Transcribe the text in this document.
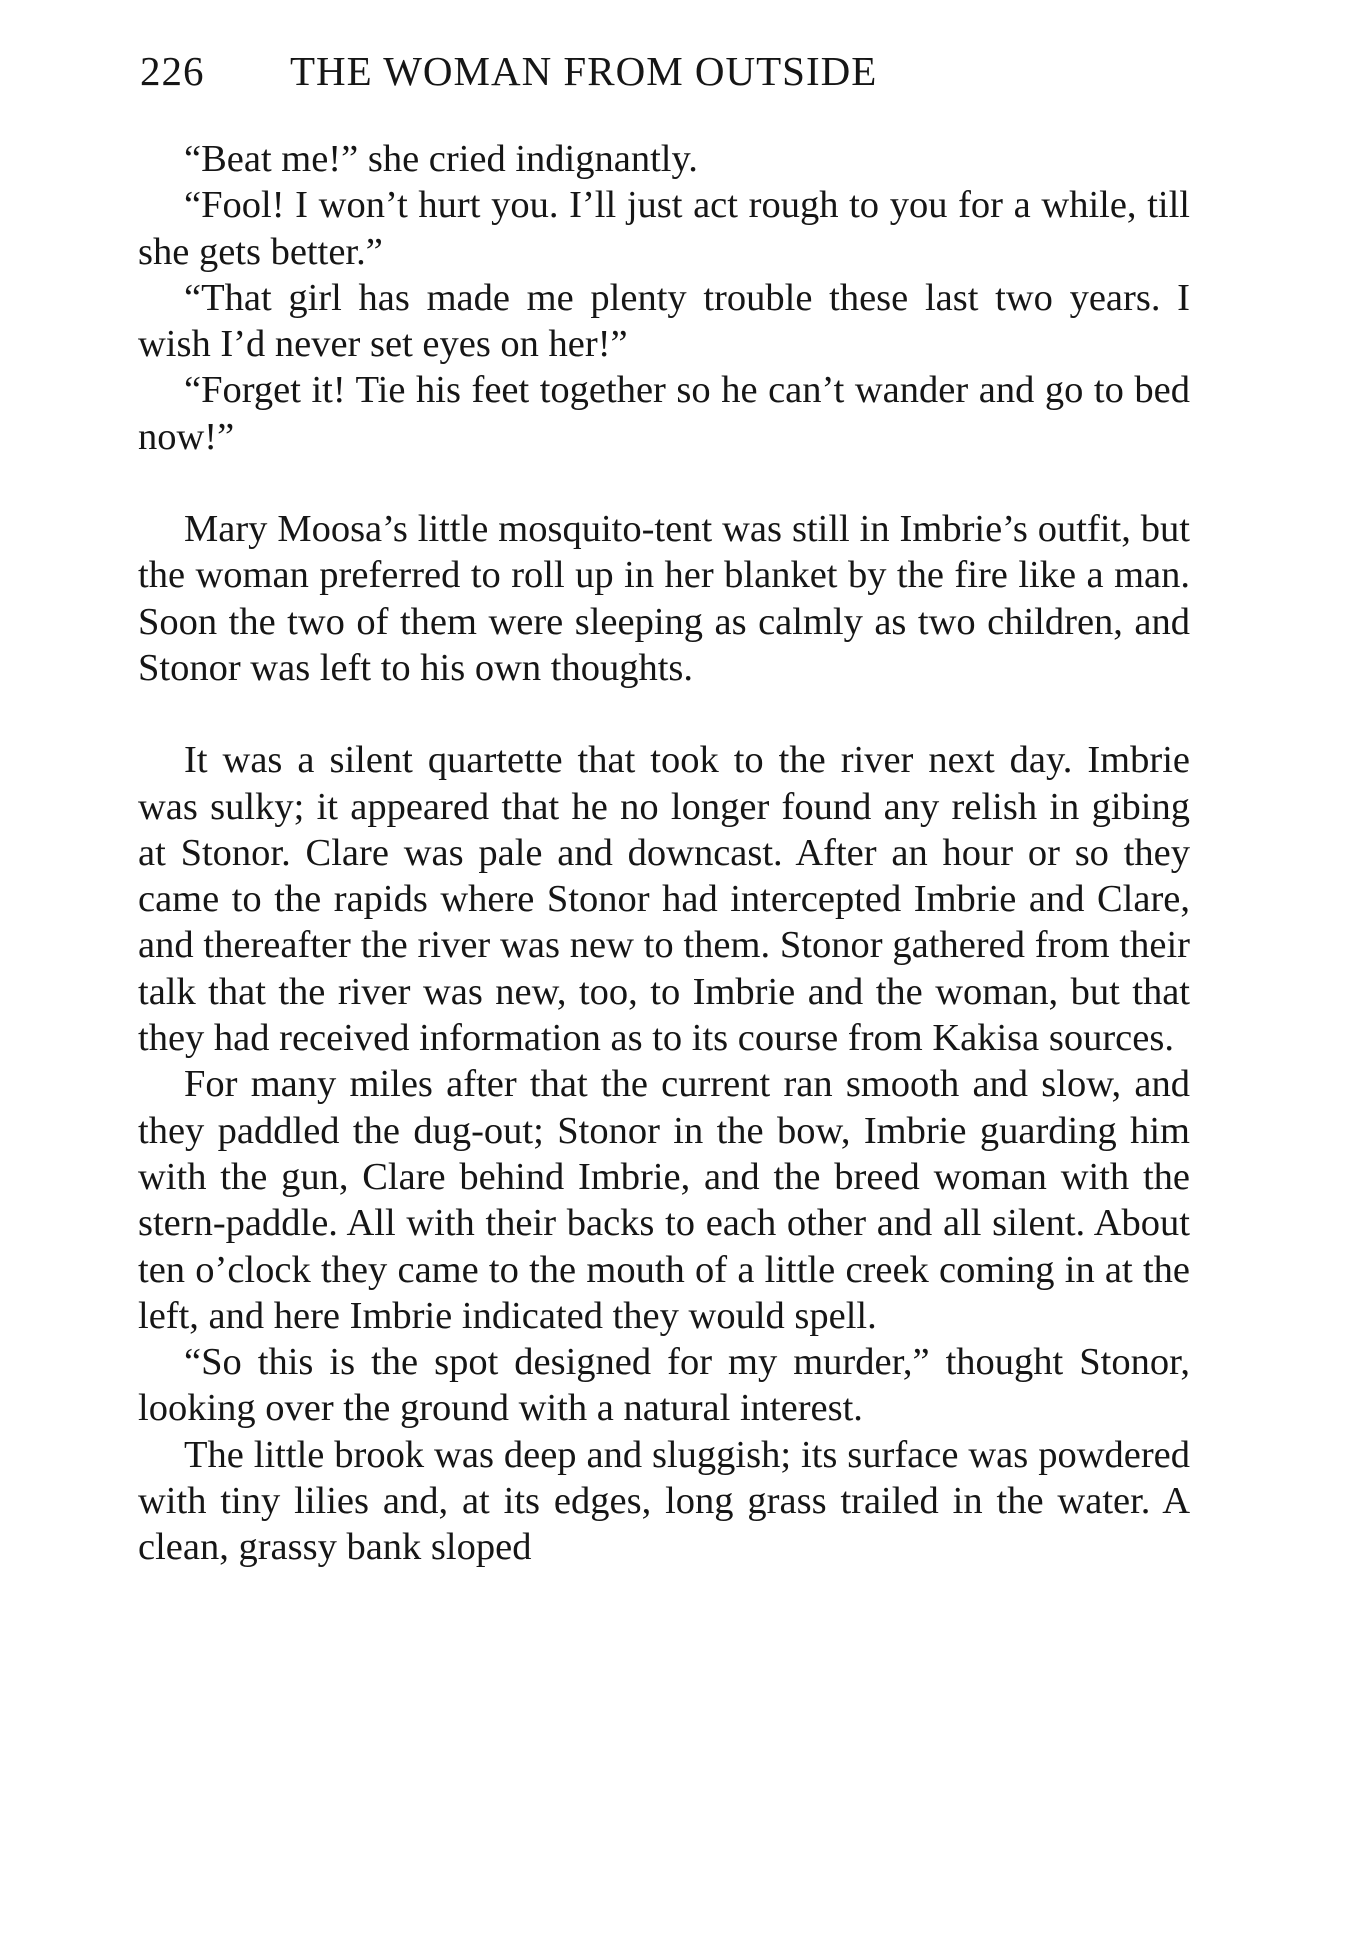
226 THE WOMAN FROM OUTSIDE

“Beat me!” she cried indignantly.

“Fool! I won’t hurt you. I’ll just act rough to you for a while, till she gets better.”

“That girl has made me plenty trouble these last two years. I wish I’d never set eyes on her!”

“Forget it! Tie his feet together so he can’t wander and go to bed now!”

Mary Moosa’s little mosquito-tent was still in Imbrie’s outfit, but the woman preferred to roll up in her blanket by the fire like a man. Soon the two of them were sleeping as calmly as two children, and Stonor was left to his own thoughts.

It was a silent quartette that took to the river next day. Imbrie was sulky; it appeared that he no longer found any relish in gibing at Stonor. Clare was pale and downcast. After an hour or so they came to the rapids where Stonor had intercepted Imbrie and Clare, and thereafter the river was new to them. Stonor gathered from their talk that the river was new, too, to Imbrie and the woman, but that they had received information as to its course from Kakisa sources.

For many miles after that the current ran smooth and slow, and they paddled the dug-out; Stonor in the bow, Imbrie guarding him with the gun, Clare behind Imbrie, and the breed woman with the stern-paddle. All with their backs to each other and all silent. About ten o’clock they came to the mouth of a little creek coming in at the left, and here Imbrie indicated they would spell.

“So this is the spot designed for my murder,” thought Stonor, looking over the ground with a natural interest.

The little brook was deep and sluggish; its surface was powdered with tiny lilies and, at its edges, long grass trailed in the water. A clean, grassy bank sloped
